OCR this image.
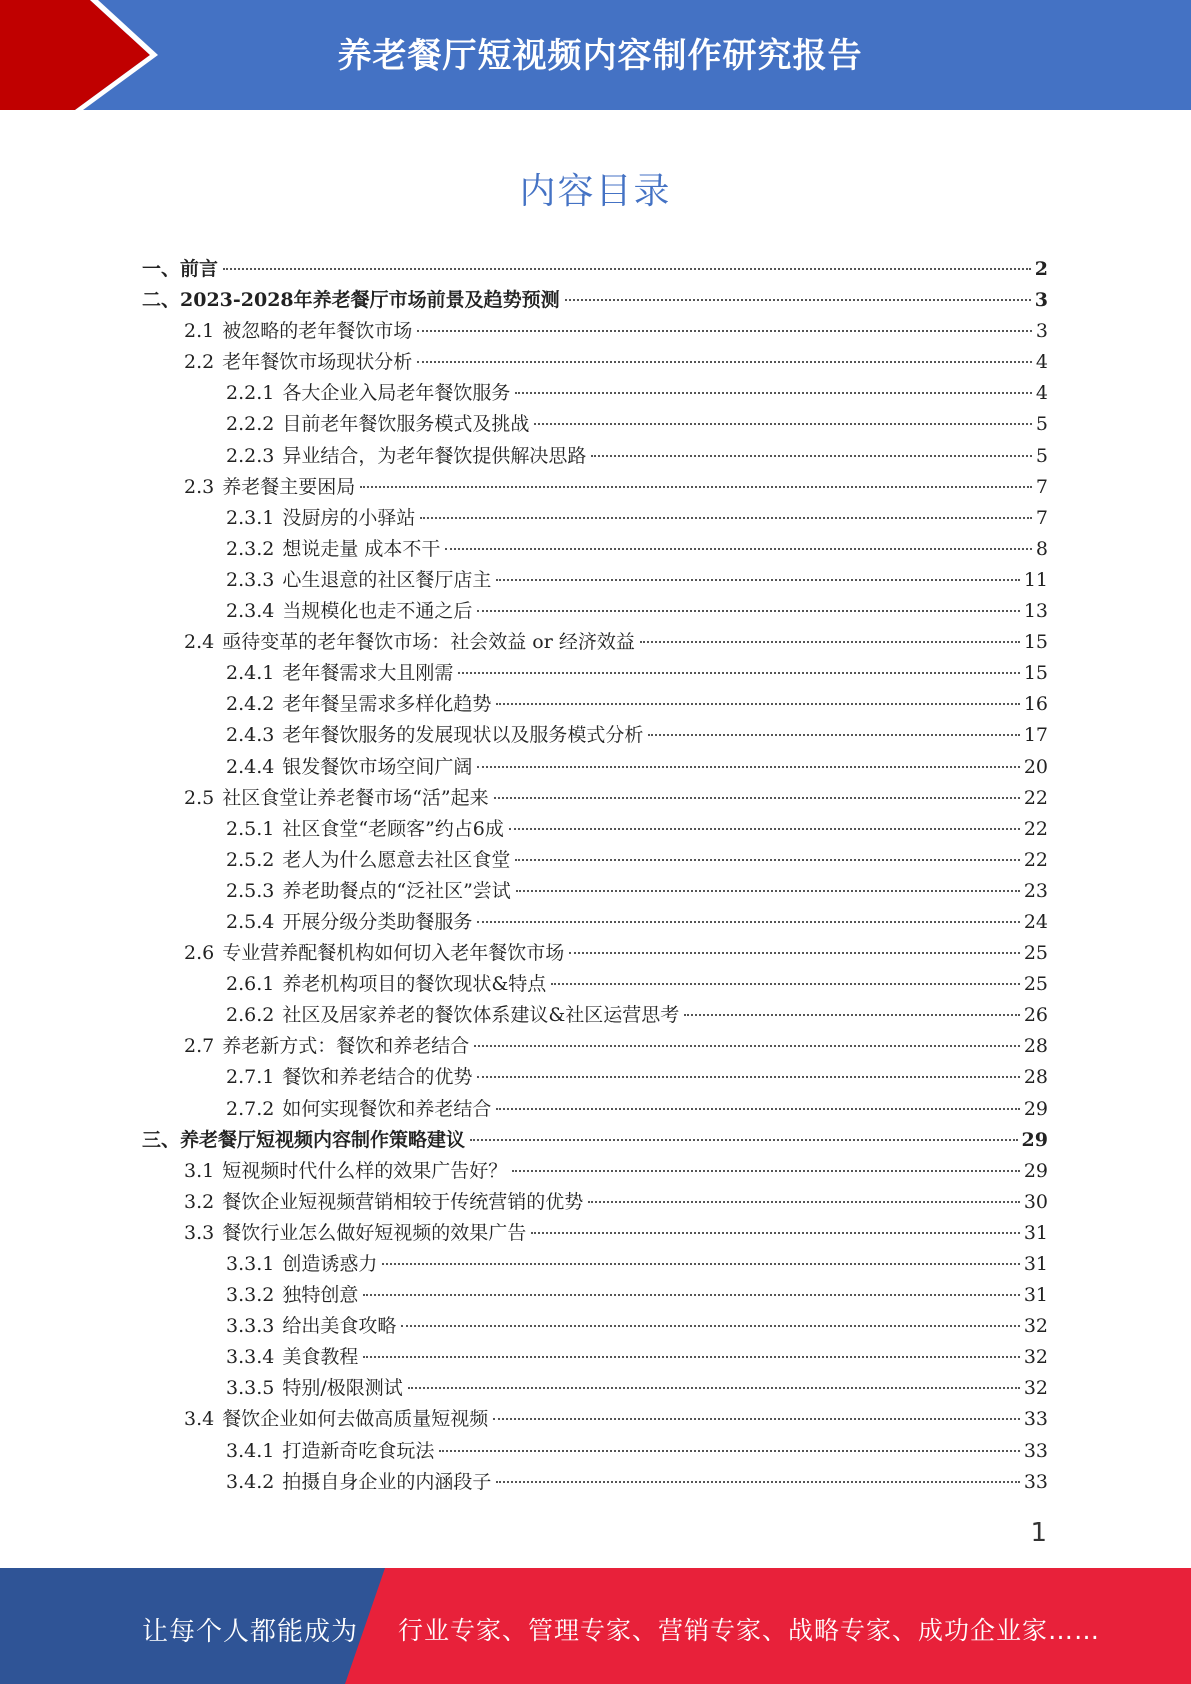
养老餐厅短视频内容制作研究报告
内容目录
一、前言	2
二、2023-2028年养老餐厅市场前景及趋势预测	3
2.1 被忽略的老年餐饮市场	3
2.2 老年餐饮市场现状分析	4
2.2.1 各大企业入局老年餐饮服务	4
2.2.2 目前老年餐饮服务模式及挑战	5
2.2.3 异业结合，为老年餐饮提供解决思路	5
2.3 养老餐主要困局	7
2.3.1 没厨房的小驿站	7
2.3.2 想说走量 成本不干	8
2.3.3 心生退意的社区餐厅店主	11
2.3.4 当规模化也走不通之后	13
2.4 亟待变革的老年餐饮市场：社会效益 or 经济效益	15
2.4.1 老年餐需求大且刚需	15
2.4.2 老年餐呈需求多样化趋势	16
2.4.3 老年餐饮服务的发展现状以及服务模式分析	17
2.4.4 银发餐饮市场空间广阔	20
2.5 社区食堂让养老餐市场“活”起来	22
2.5.1 社区食堂“老顾客”约占6成	22
2.5.2 老人为什么愿意去社区食堂	22
2.5.3 养老助餐点的“泛社区”尝试	23
2.5.4 开展分级分类助餐服务	24
2.6 专业营养配餐机构如何切入老年餐饮市场	25
2.6.1 养老机构项目的餐饮现状&特点	25
2.6.2 社区及居家养老的餐饮体系建议&社区运营思考	26
2.7 养老新方式：餐饮和养老结合	28
2.7.1 餐饮和养老结合的优势	28
2.7.2 如何实现餐饮和养老结合	29
三、养老餐厅短视频内容制作策略建议	29
3.1 短视频时代什么样的效果广告好？	29
3.2 餐饮企业短视频营销相较于传统营销的优势	30
3.3 餐饮行业怎么做好短视频的效果广告	31
3.3.1 创造诱惑力	31
3.3.2 独特创意	31
3.3.3 给出美食攻略	32
3.3.4 美食教程	32
3.3.5 特别/极限测试	32
3.4 餐饮企业如何去做高质量短视频	33
3.4.1 打造新奇吃食玩法	33
3.4.2 拍摄自身企业的内涵段子	33
1
让每个人都能成为 行业专家、管理专家、营销专家、战略专家、成功企业家……
